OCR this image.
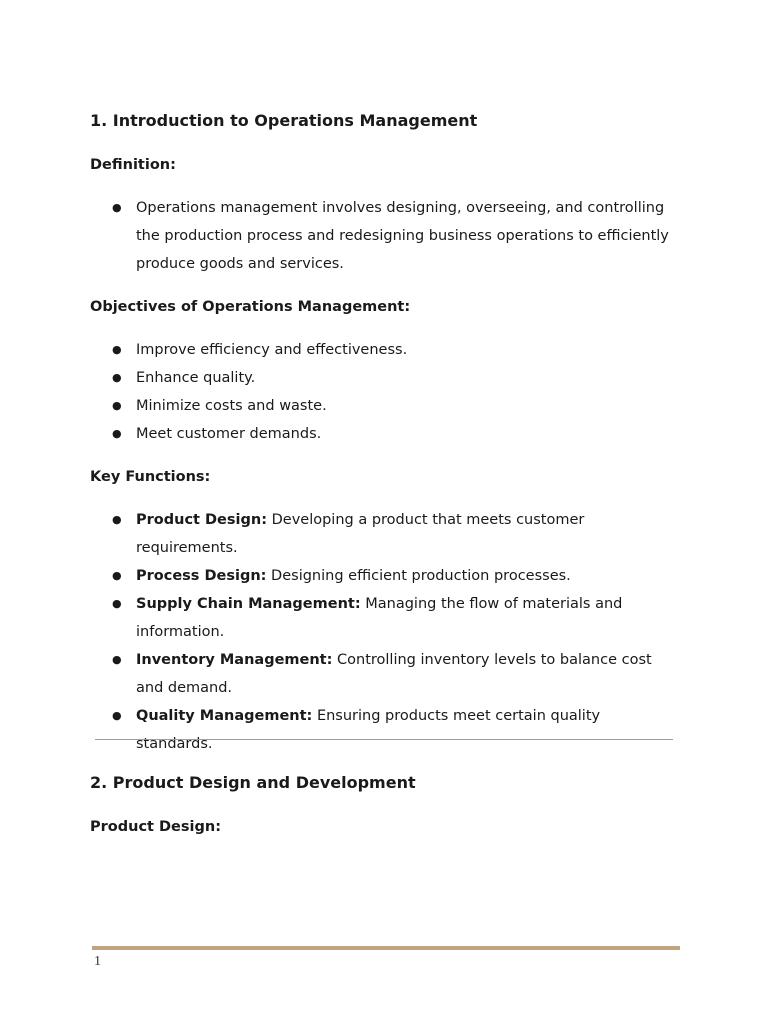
1. Introduction to Operations Management
Definition:
● Operations management involves designing, overseeing, and controlling the production process and redesigning business operations to efficiently produce goods and services.
Objectives of Operations Management:
● Improve efficiency and effectiveness.
● Enhance quality.
● Minimize costs and waste.
● Meet customer demands.
Key Functions:
● Product Design: Developing a product that meets customer requirements.
● Process Design: Designing efficient production processes.
● Supply Chain Management: Managing the flow of materials and information.
● Inventory Management: Controlling inventory levels to balance cost and demand.
● Quality Management: Ensuring products meet certain quality standards.
2. Product Design and Development
Product Design:
1
